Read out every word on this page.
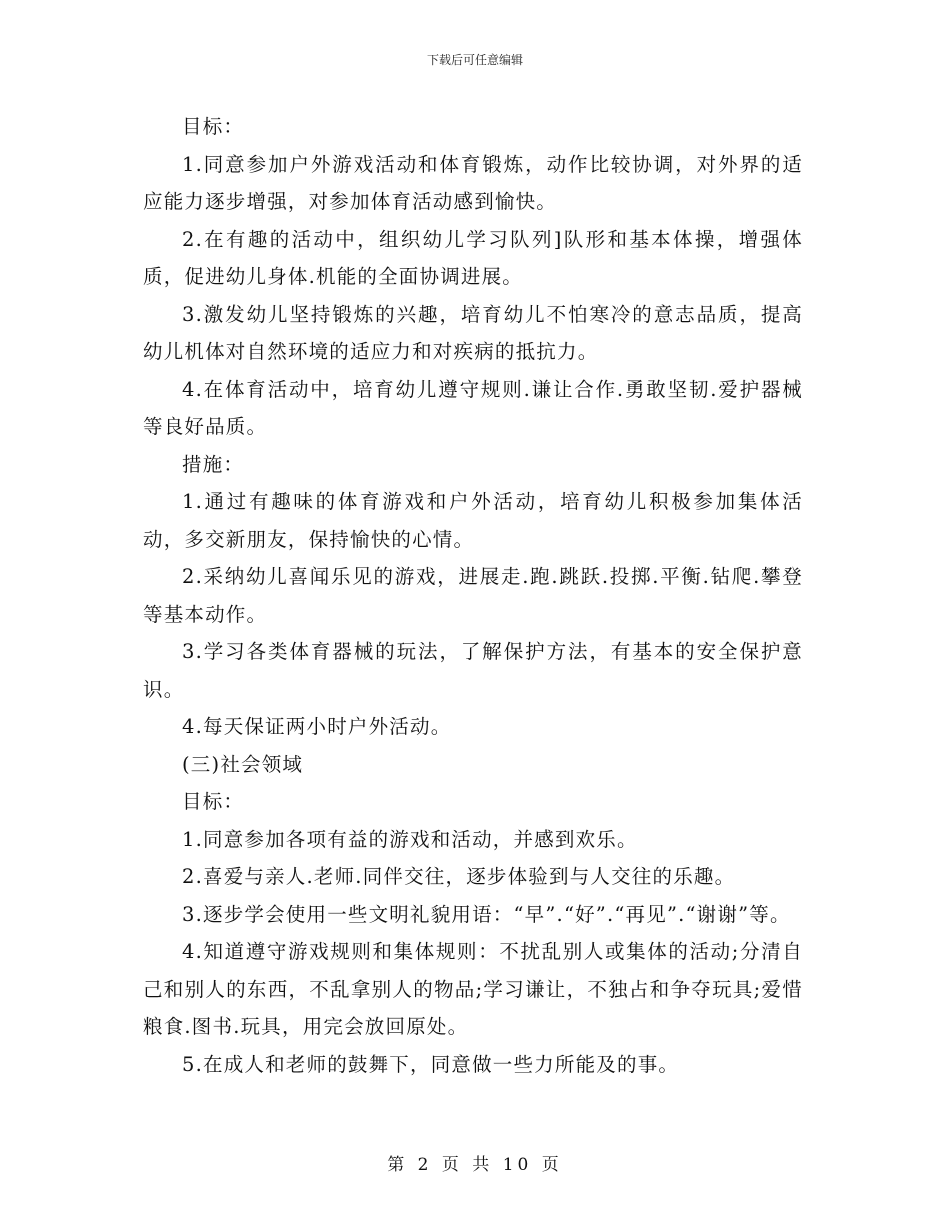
下载后可任意编辑

目标：

1.同意参加户外游戏活动和体育锻炼，动作比较协调，对外界的适应能力逐步增强，对参加体育活动感到愉快。

2.在有趣的活动中，组织幼儿学习队列]队形和基本体操，增强体质，促进幼儿身体.机能的全面协调进展。

3.激发幼儿坚持锻炼的兴趣，培育幼儿不怕寒冷的意志品质，提高幼儿机体对自然环境的适应力和对疾病的抵抗力。

4.在体育活动中，培育幼儿遵守规则.谦让合作.勇敢坚韧.爱护器械等良好品质。

措施：

1.通过有趣味的体育游戏和户外活动，培育幼儿积极参加集体活动，多交新朋友，保持愉快的心情。

2.采纳幼儿喜闻乐见的游戏，进展走.跑.跳跃.投掷.平衡.钻爬.攀登等基本动作。

3.学习各类体育器械的玩法，了解保护方法，有基本的安全保护意识。

4.每天保证两小时户外活动。

(三)社会领域

目标：

1.同意参加各项有益的游戏和活动，并感到欢乐。

2.喜爱与亲人.老师.同伴交往，逐步体验到与人交往的乐趣。

3.逐步学会使用一些文明礼貌用语：“早”.“好”.“再见”.“谢谢”等。

4.知道遵守游戏规则和集体规则：不扰乱别人或集体的活动;分清自己和别人的东西，不乱拿别人的物品;学习谦让，不独占和争夺玩具;爱惜粮食.图书.玩具，用完会放回原处。

5.在成人和老师的鼓舞下，同意做一些力所能及的事。

第 2 页 共 10 页
